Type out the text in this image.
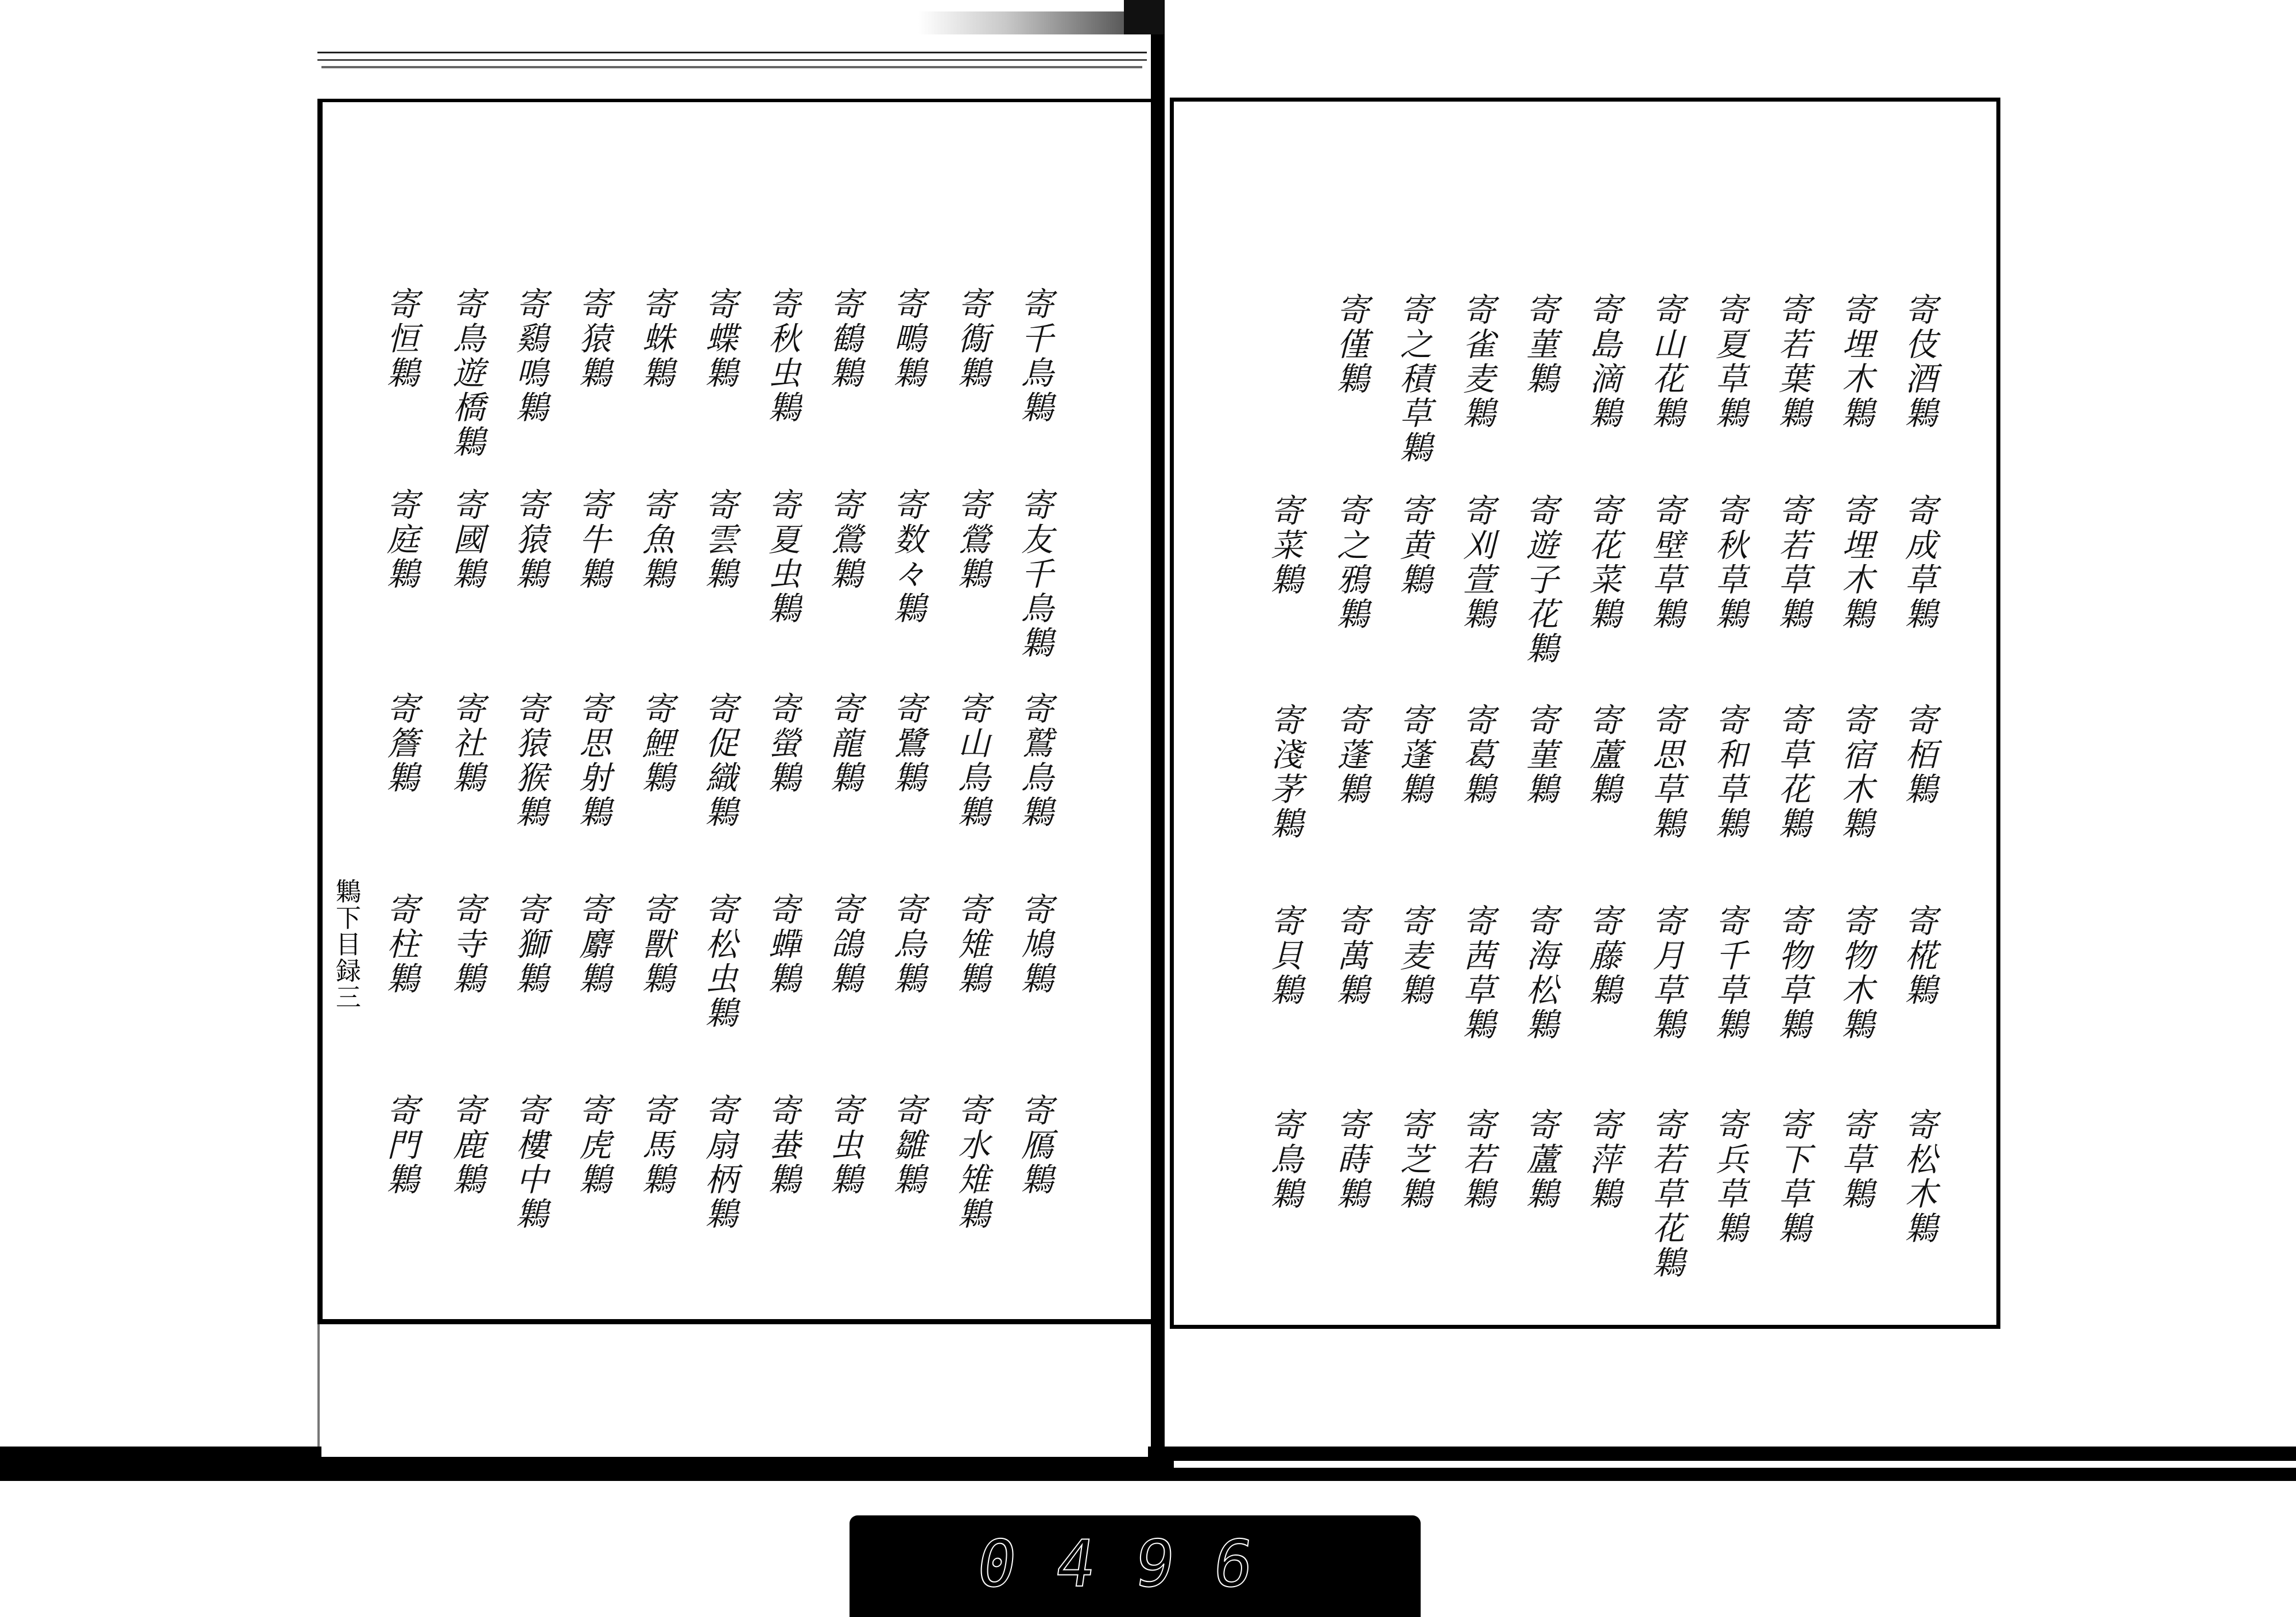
𪆐下目録三
寄千鳥𪆐
寄鵆𪆐
寄鴫𪆐
寄鶴𪆐
寄秋虫𪆐
寄蝶𪆐
寄蛛𪆐
寄猿𪆐
寄鷄鳴𪆐
寄鳥遊橋𪆐
寄恒𪆐
寄友千鳥𪆐
寄鶯𪆐
寄数々𪆐
寄鶯𪆐
寄夏虫𪆐
寄雲𪆐
寄魚𪆐
寄牛𪆐
寄猿𪆐
寄國𪆐
寄庭𪆐
寄鷲鳥𪆐
寄山鳥𪆐
寄鷺𪆐
寄龍𪆐
寄螢𪆐
寄促織𪆐
寄鯉𪆐
寄思射𪆐
寄猿猴𪆐
寄社𪆐
寄簷𪆐
寄鳩𪆐
寄雉𪆐
寄烏𪆐
寄鴿𪆐
寄蟬𪆐
寄松虫𪆐
寄獸𪆐
寄麝𪆐
寄獅𪆐
寄寺𪆐
寄柱𪆐
寄鴈𪆐
寄水雉𪆐
寄雛𪆐
寄虫𪆐
寄蛬𪆐
寄扇柄𪆐
寄馬𪆐
寄虎𪆐
寄樓中𪆐
寄鹿𪆐
寄門𪆐
寄伎酒𪆐
寄埋木𪆐
寄若葉𪆐
寄夏草𪆐
寄山花𪆐
寄島滴𪆐
寄菫𪆐
寄雀麦𪆐
寄之積草𪆐
寄僅𪆐
寄成草𪆐
寄埋木𪆐
寄若草𪆐
寄秋草𪆐
寄壁草𪆐
寄花菜𪆐
寄遊子花𪆐
寄刈萱𪆐
寄黄𪆐
寄之鴉𪆐
寄菜𪆐
寄栢𪆐
寄宿木𪆐
寄草花𪆐
寄和草𪆐
寄思草𪆐
寄蘆𪆐
寄菫𪆐
寄葛𪆐
寄蓬𪆐
寄蓬𪆐
寄淺茅𪆐
寄椛𪆐
寄物木𪆐
寄物草𪆐
寄千草𪆐
寄月草𪆐
寄藤𪆐
寄海松𪆐
寄茜草𪆐
寄麦𪆐
寄萬𪆐
寄貝𪆐
寄松木𪆐
寄草𪆐
寄下草𪆐
寄兵草𪆐
寄若草花𪆐
寄萍𪆐
寄蘆𪆐
寄若𪆐
寄芝𪆐
寄蒔𪆐
寄鳥𪆐
0496
